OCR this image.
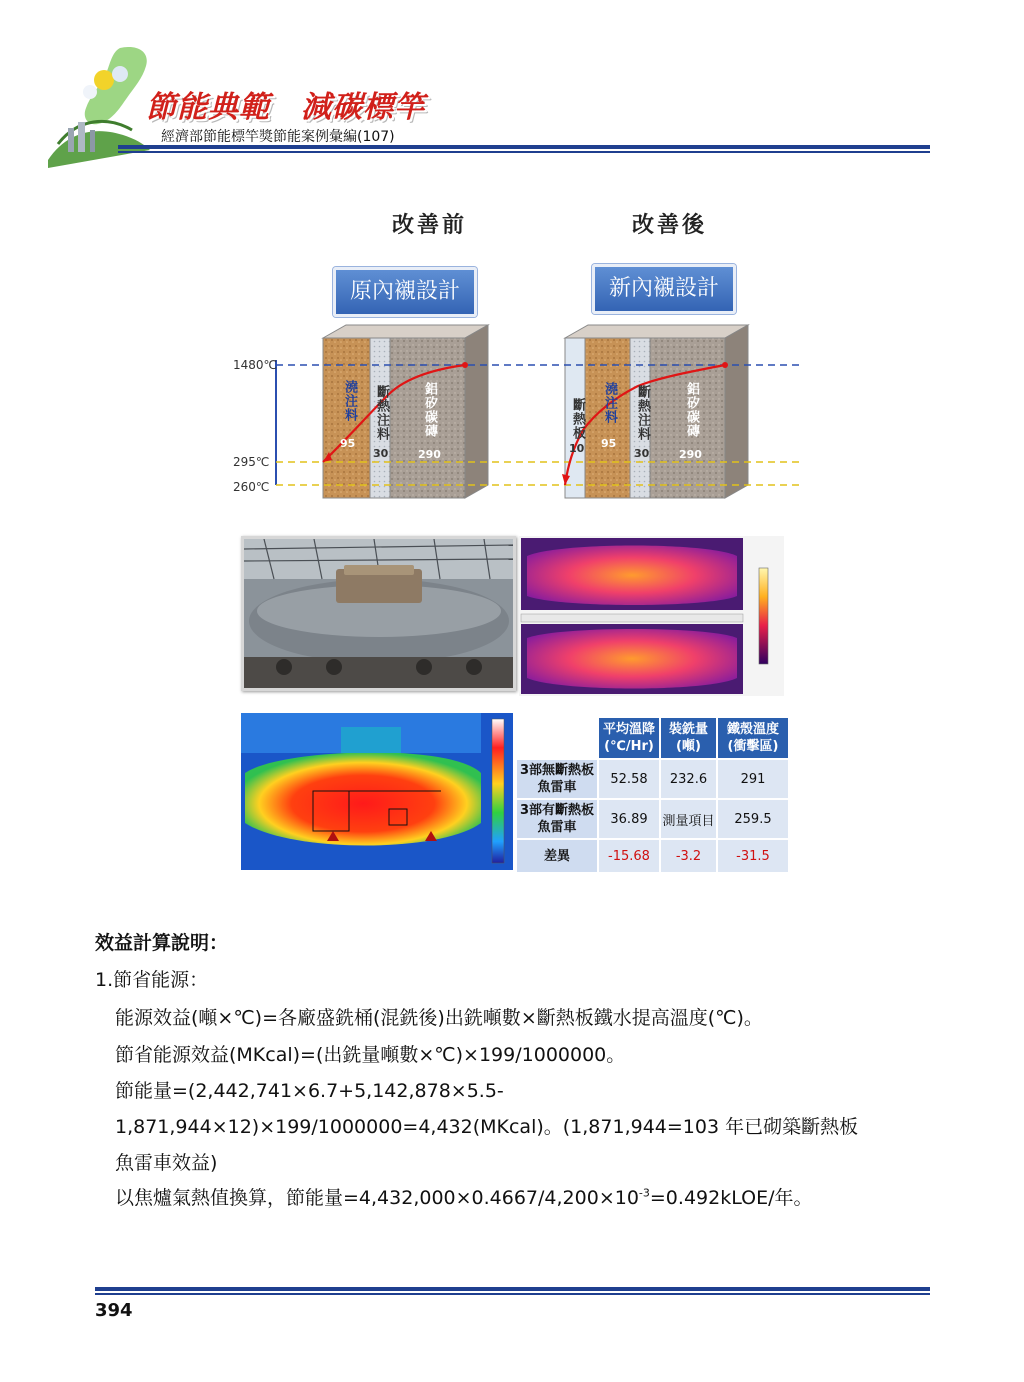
節能典範　減碳標竿
經濟部節能標竿獎節能案例彙編(107)
改善前	改善後
原內襯設計	新內襯設計
1480℃
295℃
260℃
澆注料
95
斷熱注料
30
鋁矽碳磚
290
斷熱板
10
澆注料
95
斷熱注料
30
鋁矽碳磚
290
	平均溫降 (℃/Hr)	裝銑量 (噸)	鐵殼溫度 (衝擊區)
3部無斷熱板魚雷車	52.58	232.6	291
3部有斷熱板魚雷車	36.89	測量項目	259.5
差異	-15.68	-3.2	-31.5
效益計算說明：
1.節省能源：
能源效益(噸×℃)=各廠盛銑桶(混銑後)出銑噸數×斷熱板鐵水提高溫度(℃)。
節省能源效益(MKcal)=(出銑量噸數×℃)×199/1000000。
節能量=(2,442,741×6.7+5,142,878×5.5-
1,871,944×12)×199/1000000=4,432(MKcal)。(1,871,944=103 年已砌築斷熱板
魚雷車效益)
以焦爐氣熱值換算，節能量$=4,432,000\times 0.4667/4,200\times 10^{-3}=0.492kLOE/$年。
394
